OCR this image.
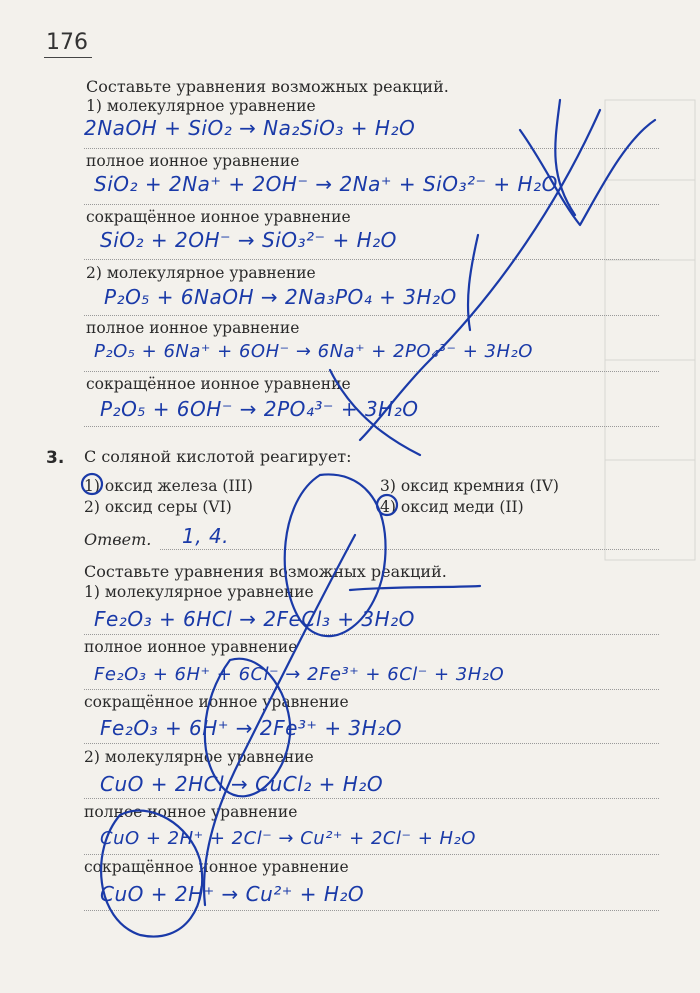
176
Составьте уравнения возможных реакций.
1) молекулярное уравнение
2NaOH + SiO₂ → Na₂SiO₃ + H₂O
полное ионное уравнение
SiO₂ + 2Na⁺ + 2OH⁻ → 2Na⁺ + SiO₃²⁻ + H₂O
сокращённое ионное уравнение
SiO₂ + 2OH⁻ → SiO₃²⁻ + H₂O
2) молекулярное уравнение
P₂O₅ + 6NaOH → 2Na₃PO₄ + 3H₂O
полное ионное уравнение
P₂O₅ + 6Na⁺ + 6OH⁻ → 6Na⁺ + 2PO₄³⁻ + 3H₂O
сокращённое ионное уравнение
P₂O₅ + 6OH⁻ → 2PO₄³⁻ + 3H₂O
3. С соляной кислотой реагирует:
1) оксид железа (III)
2) оксид серы (VI)
3) оксид кремния (IV)
4) оксид меди (II)
Ответ. 1, 4.
Составьте уравнения возможных реакций.
1) молекулярное уравнение
Fe₂O₃ + 6HCl → 2FeCl₃ + 3H₂O
полное ионное уравнение
Fe₂O₃ + 6H⁺ + 6Cl⁻ → 2Fe³⁺ + 6Cl⁻ + 3H₂O
сокращённое ионное уравнение
Fe₂O₃ + 6H⁺ → 2Fe³⁺ + 3H₂O
2) молекулярное уравнение
CuO + 2HCl → CuCl₂ + H₂O
полное ионное уравнение
CuO + 2H⁺ + 2Cl⁻ → Cu²⁺ + 2Cl⁻ + H₂O
сокращённое ионное уравнение
CuO + 2H⁺ → Cu²⁺ + H₂O
